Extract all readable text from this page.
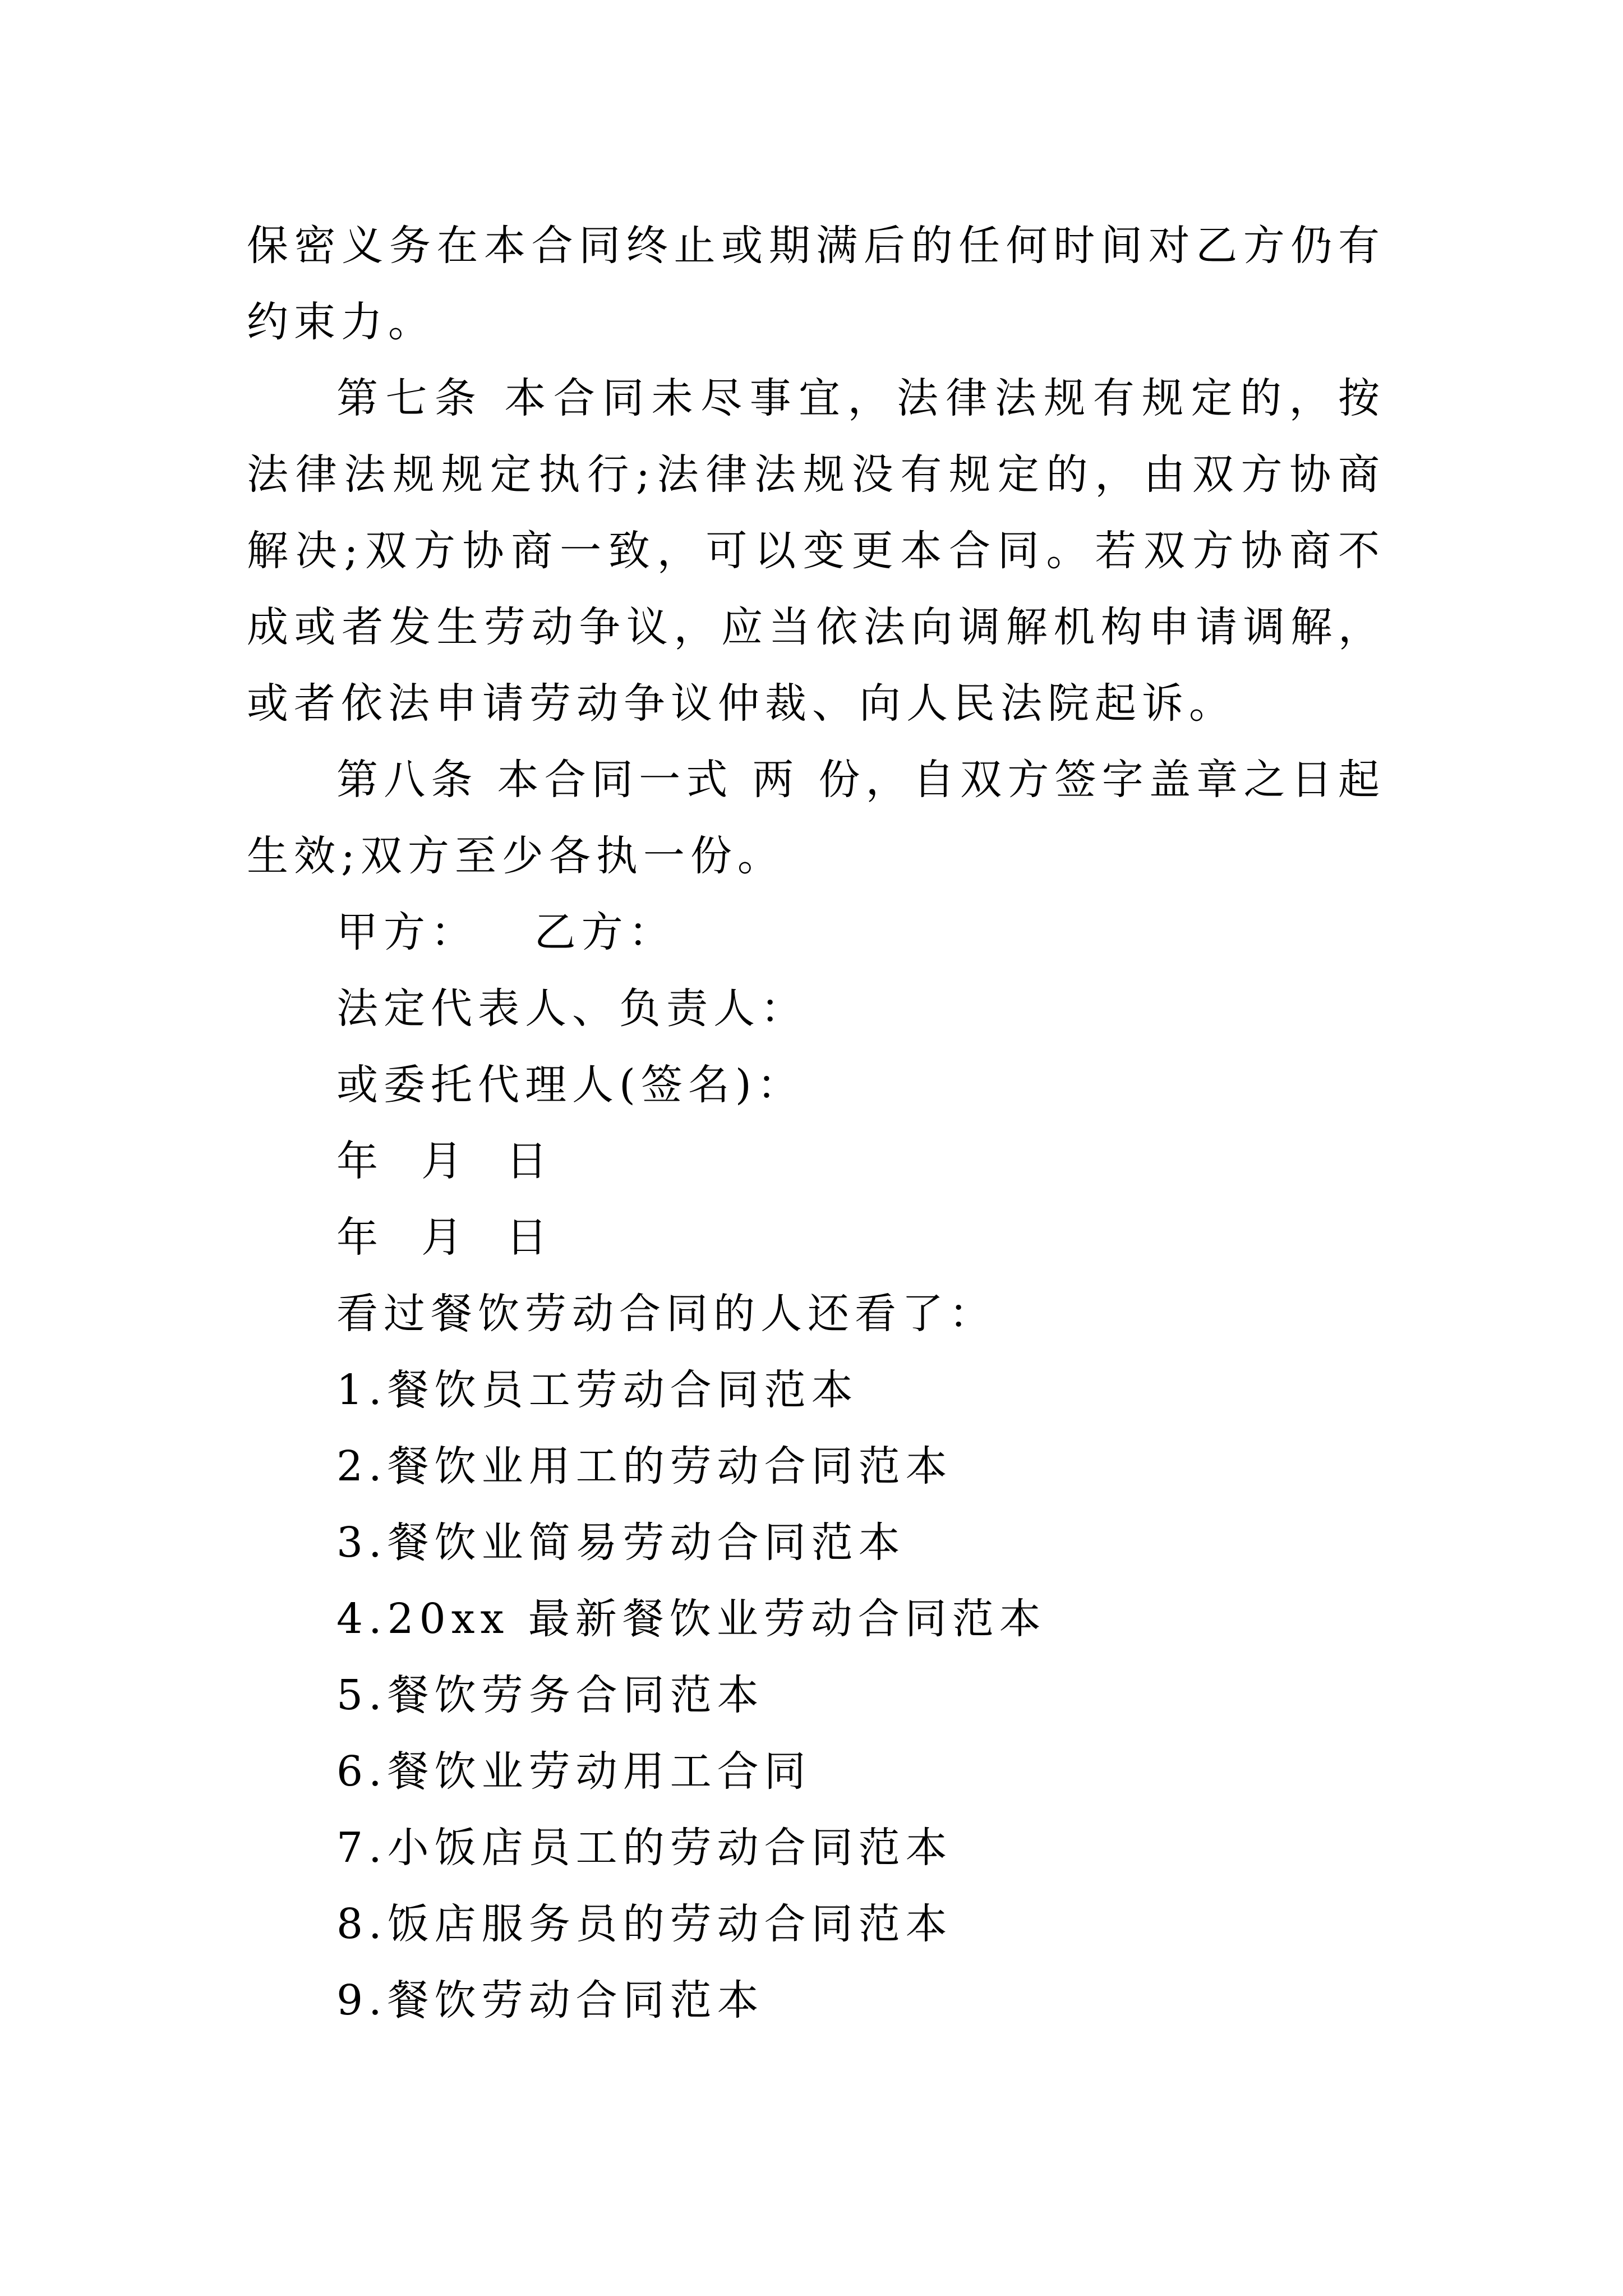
保密义务在本合同终止或期满后的任何时间对乙方仍有约束力。

第七条 本合同未尽事宜，法律法规有规定的，按法律法规规定执行;法律法规没有规定的，由双方协商解决;双方协商一致，可以变更本合同。若双方协商不成或者发生劳动争议，应当依法向调解机构申请调解，或者依法申请劳动争议仲裁、向人民法院起诉。

第八条 本合同一式 两 份，自双方签字盖章之日起生效;双方至少各执一份。

甲方：   乙方：

法定代表人、负责人：

或委托代理人(签名)：

年  月  日

年  月  日

看过餐饮劳动合同的人还看了：

1.餐饮员工劳动合同范本
2.餐饮业用工的劳动合同范本
3.餐饮业简易劳动合同范本
4.20xx 最新餐饮业劳动合同范本
5.餐饮劳务合同范本
6.餐饮业劳动用工合同
7.小饭店员工的劳动合同范本
8.饭店服务员的劳动合同范本
9.餐饮劳动合同范本
